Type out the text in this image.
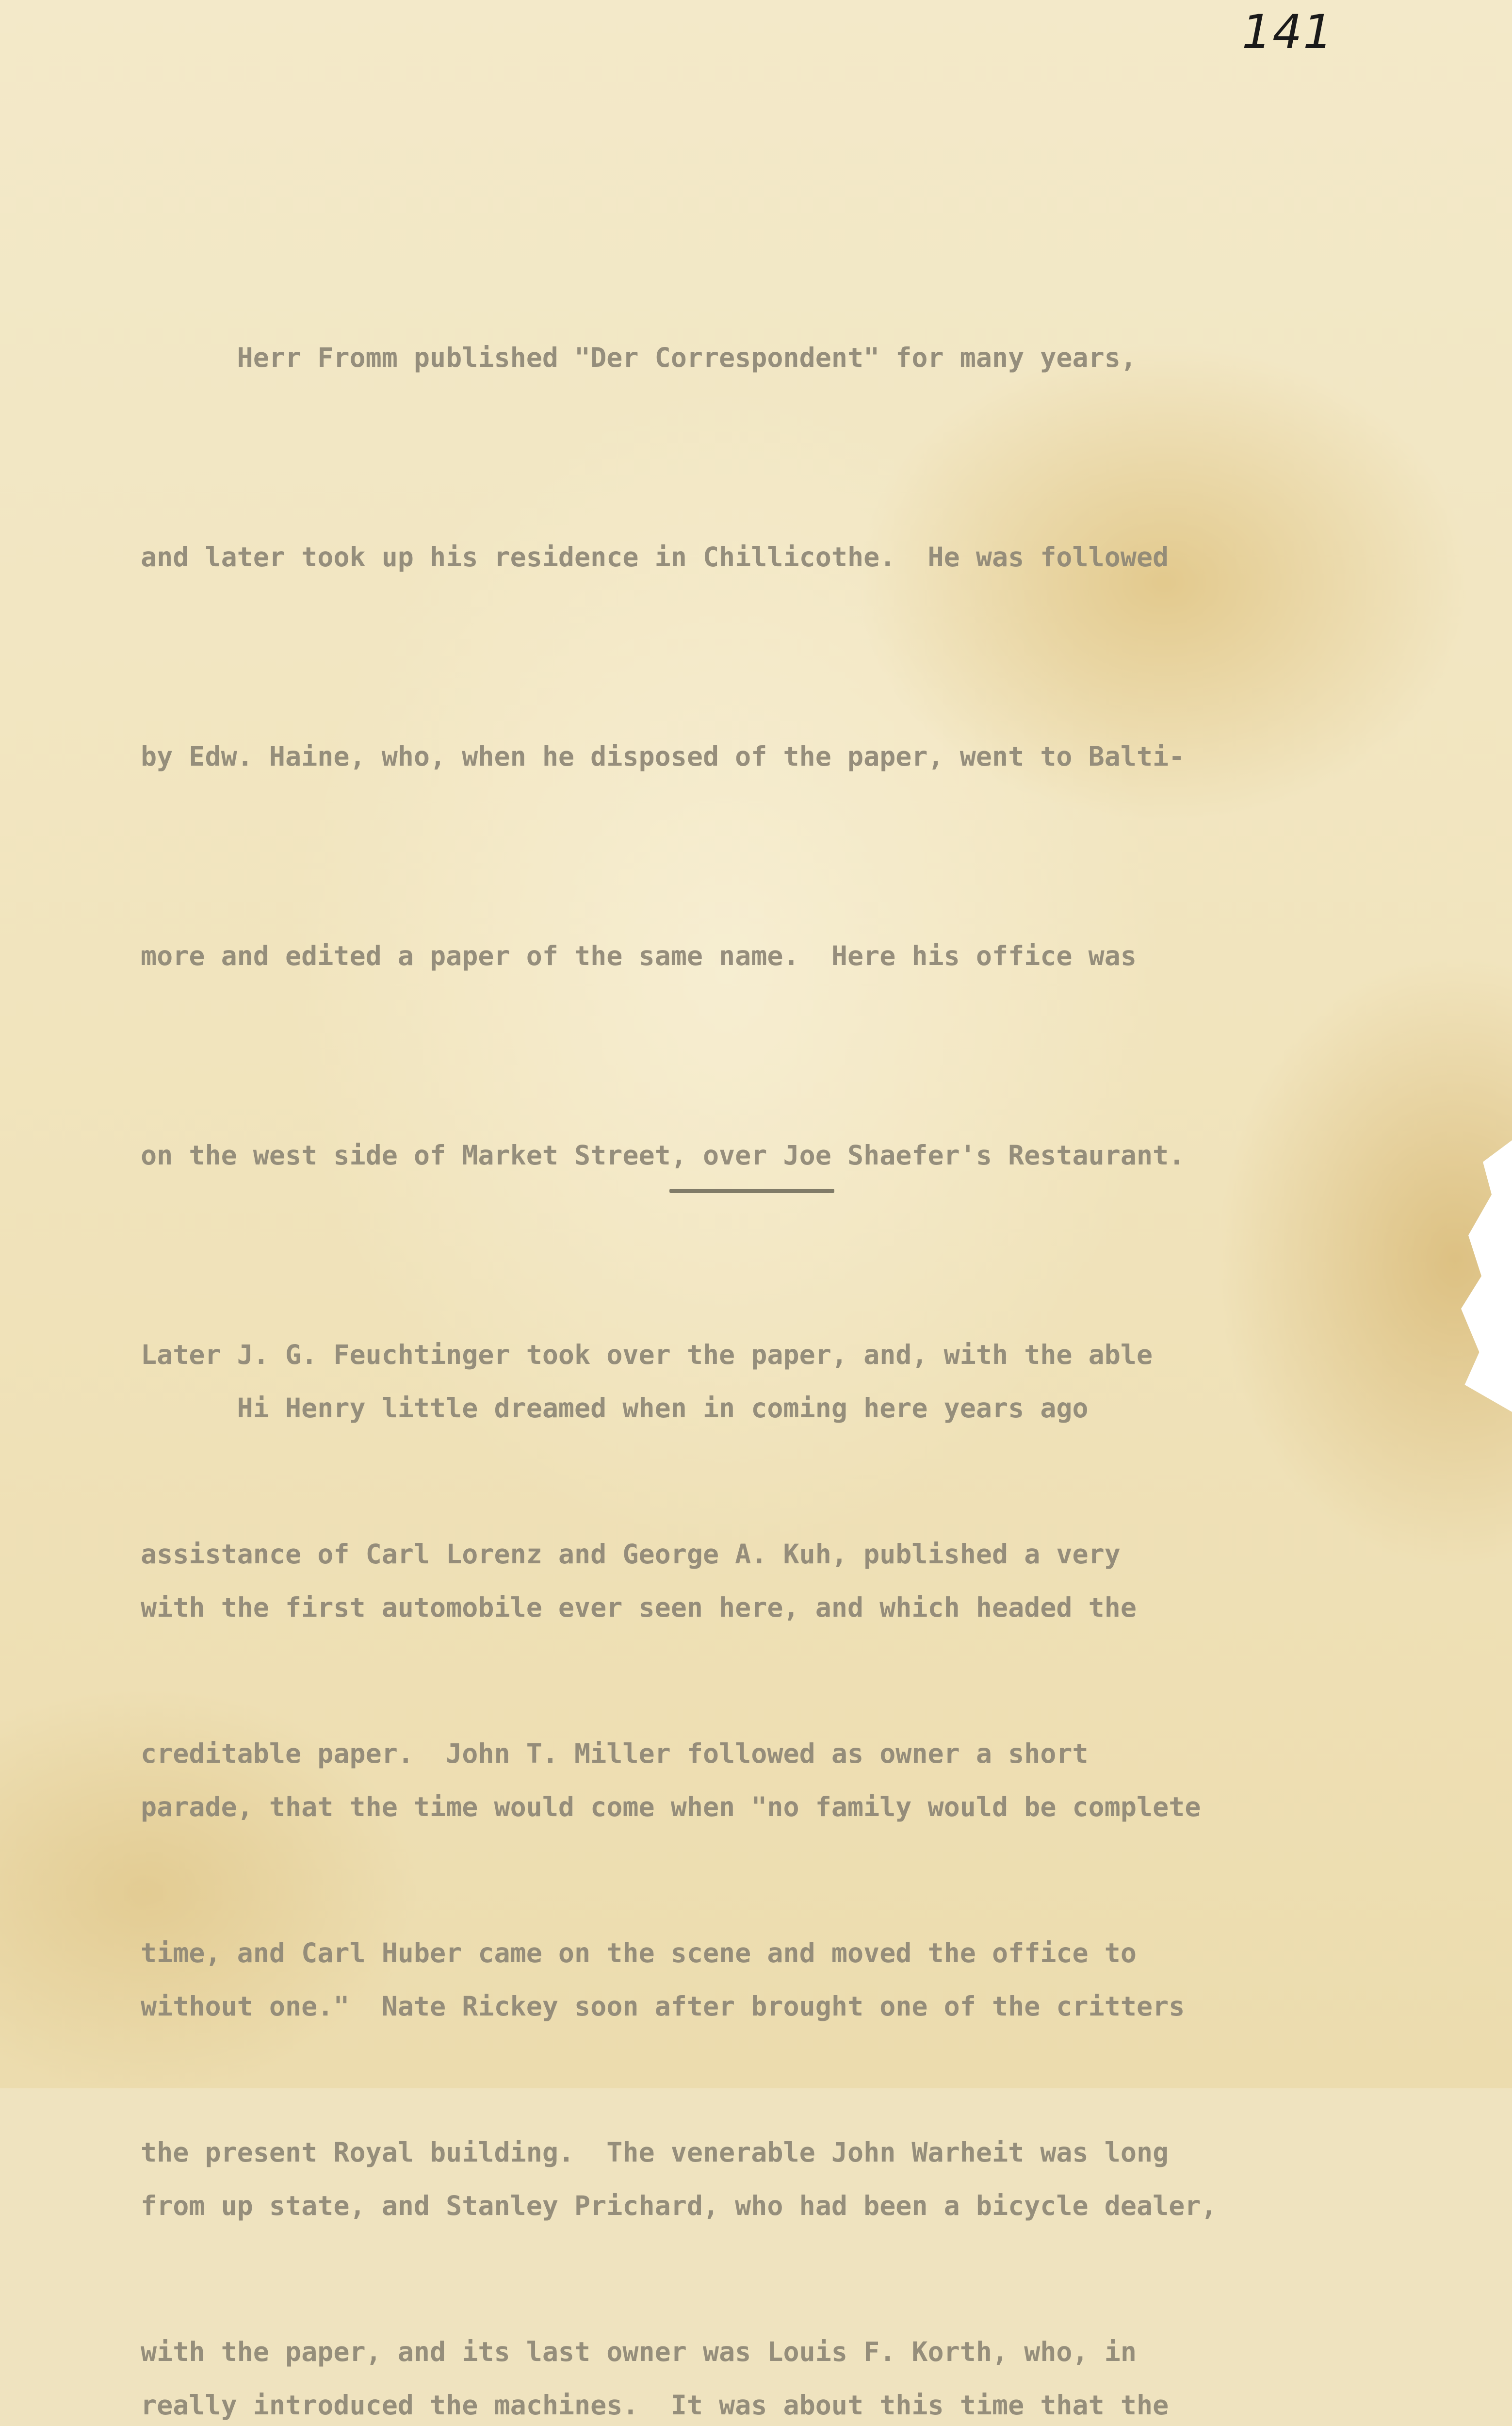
141

Herr Fromm published "Der Correspondent" for many years,

and later took up his residence in Chillicothe.  He was followed

by Edw. Haine, who, when he disposed of the paper, went to Balti-

more and edited a paper of the same name.  Here his office was

on the west side of Market Street, over Joe Shaefer's Restaurant.

Later J. G. Feuchtinger took over the paper, and, with the able

assistance of Carl Lorenz and George A. Kuh, published a very

creditable paper.  John T. Miller followed as owner a short

time, and Carl Huber came on the scene and moved the office to

the present Royal building.  The venerable John Warheit was long

with the paper, and its last owner was Louis F. Korth, who, in

Hi Henry little dreamed when in coming here years ago

with the first automobile ever seen here, and which headed the

parade, that the time would come when "no family would be complete

without one."  Nate Rickey soon after brought one of the critters

from up state, and Stanley Prichard, who had been a bicycle dealer,

really introduced the machines.  It was about this time that the
